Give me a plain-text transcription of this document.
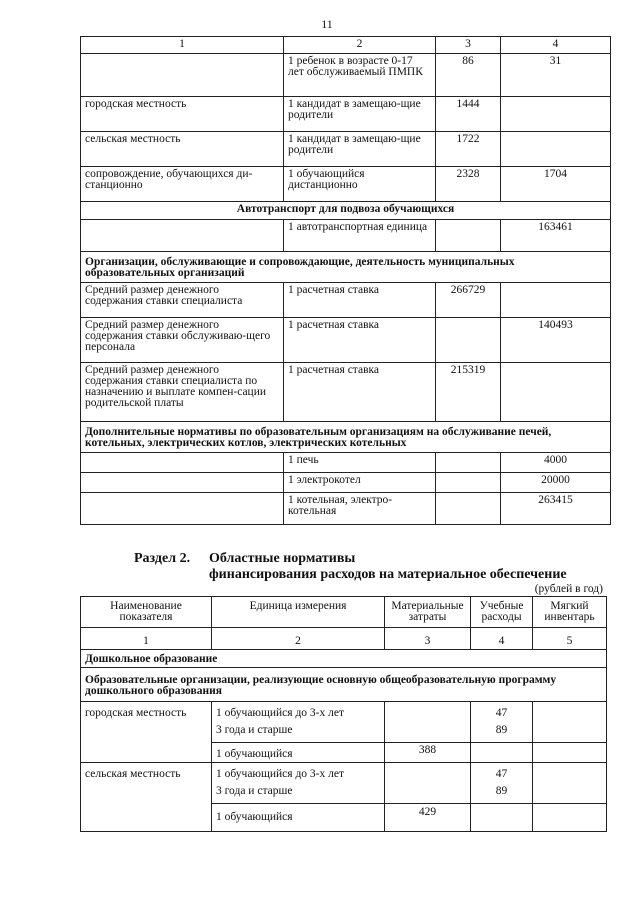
11
1	2	3	4
	1 ребенок в возрасте 0-17 лет обслуживаемый ПМПК	86	31
городская местность	1 кандидат в замещаю-щие родители	1444	
сельская местность	1 кандидат в замещаю-щие родители	1722	
сопровождение, обучающихся ди-станционно	1 обучающийся дистанционно	2328	1704
Автотранспорт для подвоза обучающихся			
	1 автотранспортная единица		163461
Организации, обслуживающие и сопровождающие, деятельность муниципальных образовательных организаций			
Средний размер денежного содержания ставки специалиста	1 расчетная ставка	266729	
Средний размер денежного содержания ставки обслуживаю-щего персонала	1 расчетная ставка		140493
Средний размер денежного содержания ставки специалиста по назначению и выплате компен-сации родительской платы	1 расчетная ставка	215319	
Дополнительные нормативы по образовательным организациям на обслуживание печей, котельных, электрических котлов, электрических котельных			
	1 печь		4000
	1 электрокотел		20000
	1 котельная, электро-котельная		263415
Раздел 2. Областные нормативы
финансирования расходов на материальное обеспечение
(рублей в год)
Наименование показателя	Единица измерения	Материальные затраты	Учебные расходы	Мягкий инвентарь
1	2	3	4	5
Дошкольное образование				
Образовательные организации, реализующие основную общеобразовательную программу дошкольного образования				
городская местность	1 обучающийся до 3-х лет		47	
	3 года и старше		89	
	1 обучающийся	388		
сельская местность	1 обучающийся до 3-х лет		47	
	3 года и старше		89	
	1 обучающийся	429		
